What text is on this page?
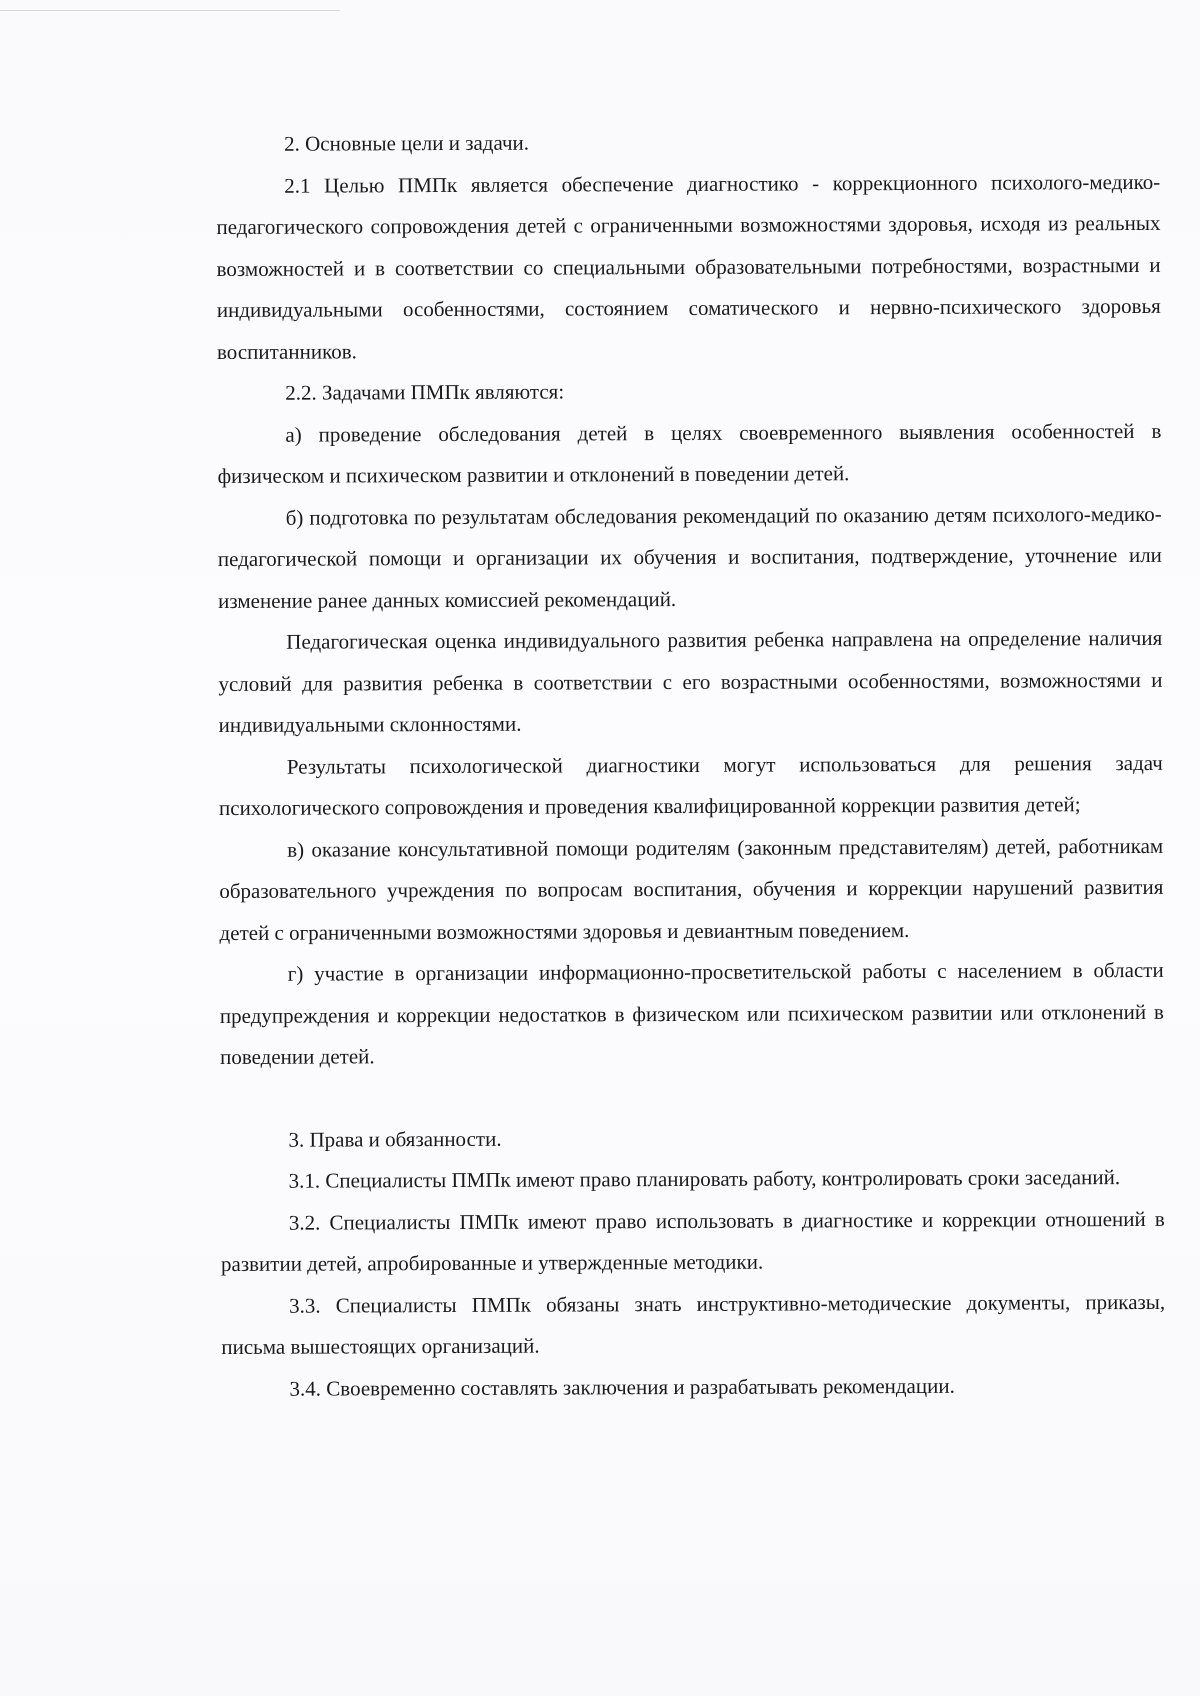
2. Основные цели и задачи.

2.1 Целью ПМПк является обеспечение диагностико - коррекционного психолого-медико-педагогического сопровождения детей с ограниченными возможностями здоровья, исходя из реальных возможностей и в соответствии со специальными образовательными потребностями, возрастными и индивидуальными особенностями, состоянием соматического и нервно-психического здоровья воспитанников.

2.2. Задачами ПМПк являются:

а) проведение обследования детей в целях своевременного выявления особенностей в физическом и психическом развитии и отклонений в поведении детей.

б) подготовка по результатам обследования рекомендаций по оказанию детям психолого-медико-педагогической помощи и организации их обучения и воспитания, подтверждение, уточнение или изменение ранее данных комиссией рекомендаций.

Педагогическая оценка индивидуального развития ребенка направлена на определение наличия условий для развития ребенка в соответствии с его возрастными особенностями, возможностями и индивидуальными склонностями.

Результаты психологической диагностики могут использоваться для решения задач психологического сопровождения и проведения квалифицированной коррекции развития детей;

в) оказание консультативной помощи родителям (законным представителям) детей, работникам образовательного учреждения по вопросам воспитания, обучения и коррекции нарушений развития детей с ограниченными возможностями здоровья и девиантным поведением.

г) участие в организации информационно-просветительской работы с населением в области предупреждения и коррекции недостатков в физическом или психическом развитии или отклонений в поведении детей.

3. Права и обязанности.

3.1. Специалисты ПМПк имеют право планировать работу, контролировать сроки заседаний.

3.2. Специалисты ПМПк имеют право использовать в диагностике и коррекции отношений в развитии детей, апробированные и утвержденные методики.

3.3. Специалисты ПМПк обязаны знать инструктивно-методические документы, приказы, письма вышестоящих организаций.

3.4. Своевременно составлять заключения и разрабатывать рекомендации.
